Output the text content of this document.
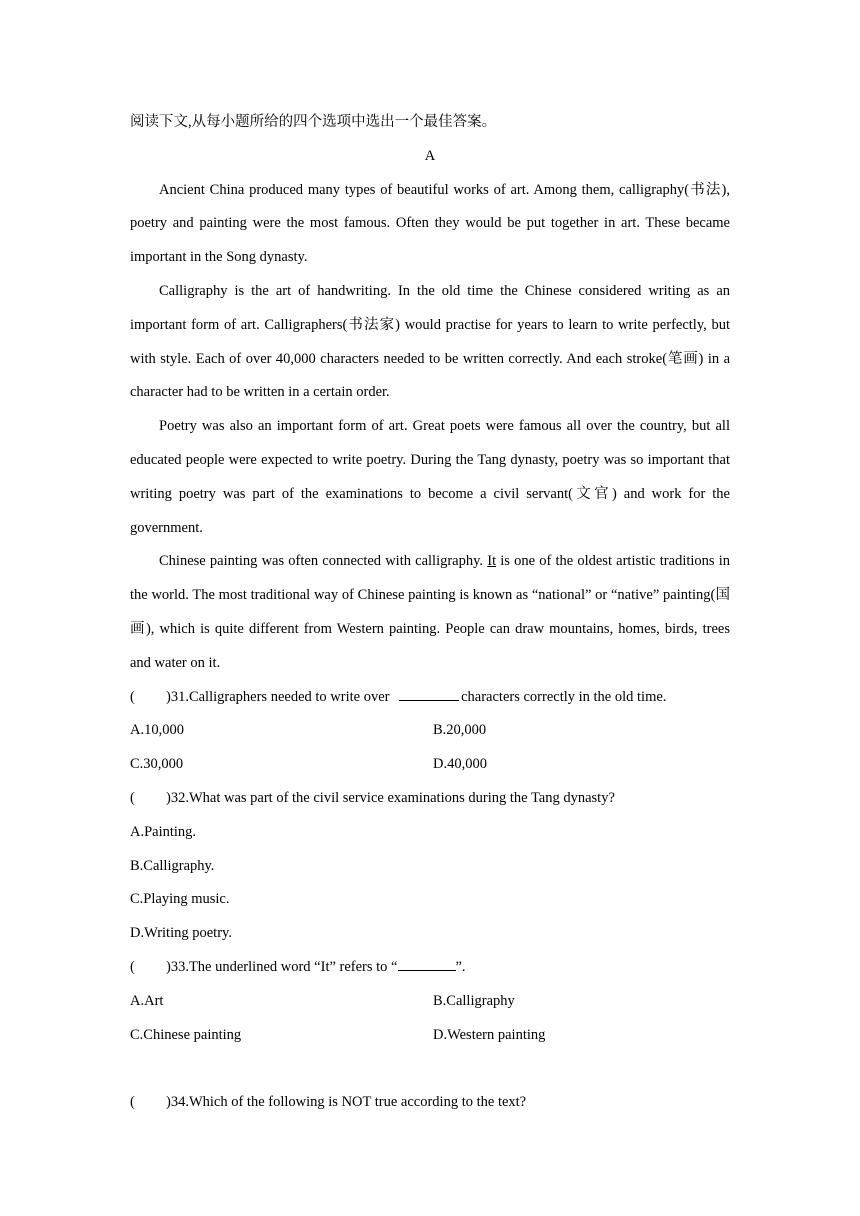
阅读下文,从每小题所给的四个选项中选出一个最佳答案。

A

Ancient China produced many types of beautiful works of art. Among them, calligraphy(书法), poetry and painting were the most famous. Often they would be put together in art. These became important in the Song dynasty.

Calligraphy is the art of handwriting. In the old time the Chinese considered writing as an important form of art. Calligraphers(书法家) would practise for years to learn to write perfectly, but with style. Each of over 40,000 characters needed to be written correctly. And each stroke(笔画) in a character had to be written in a certain order.

Poetry was also an important form of art. Great poets were famous all over the country, but all educated people were expected to write poetry. During the Tang dynasty, poetry was so important that writing poetry was part of the examinations to become a civil servant(文官) and work for the government.

Chinese painting was often connected with calligraphy. It is one of the oldest artistic traditions in the world. The most traditional way of Chinese painting is known as “national” or “native” painting(国画), which is quite different from Western painting. People can draw mountains, homes, birds, trees and water on it.

( )31.Calligraphers needed to write over	characters correctly in the old time.

A.10,000	B.20,000
C.30,000	D.40,000

( )32.What was part of the civil service examinations during the Tang dynasty?

A.Painting.

B.Calligraphy.

C.Playing music.

D.Writing poetry.

( )33.The underlined word “It” refers to “	”.

A.Art	B.Calligraphy
C.Chinese painting	D.Western painting

( )34.Which of the following is NOT true according to the text?
